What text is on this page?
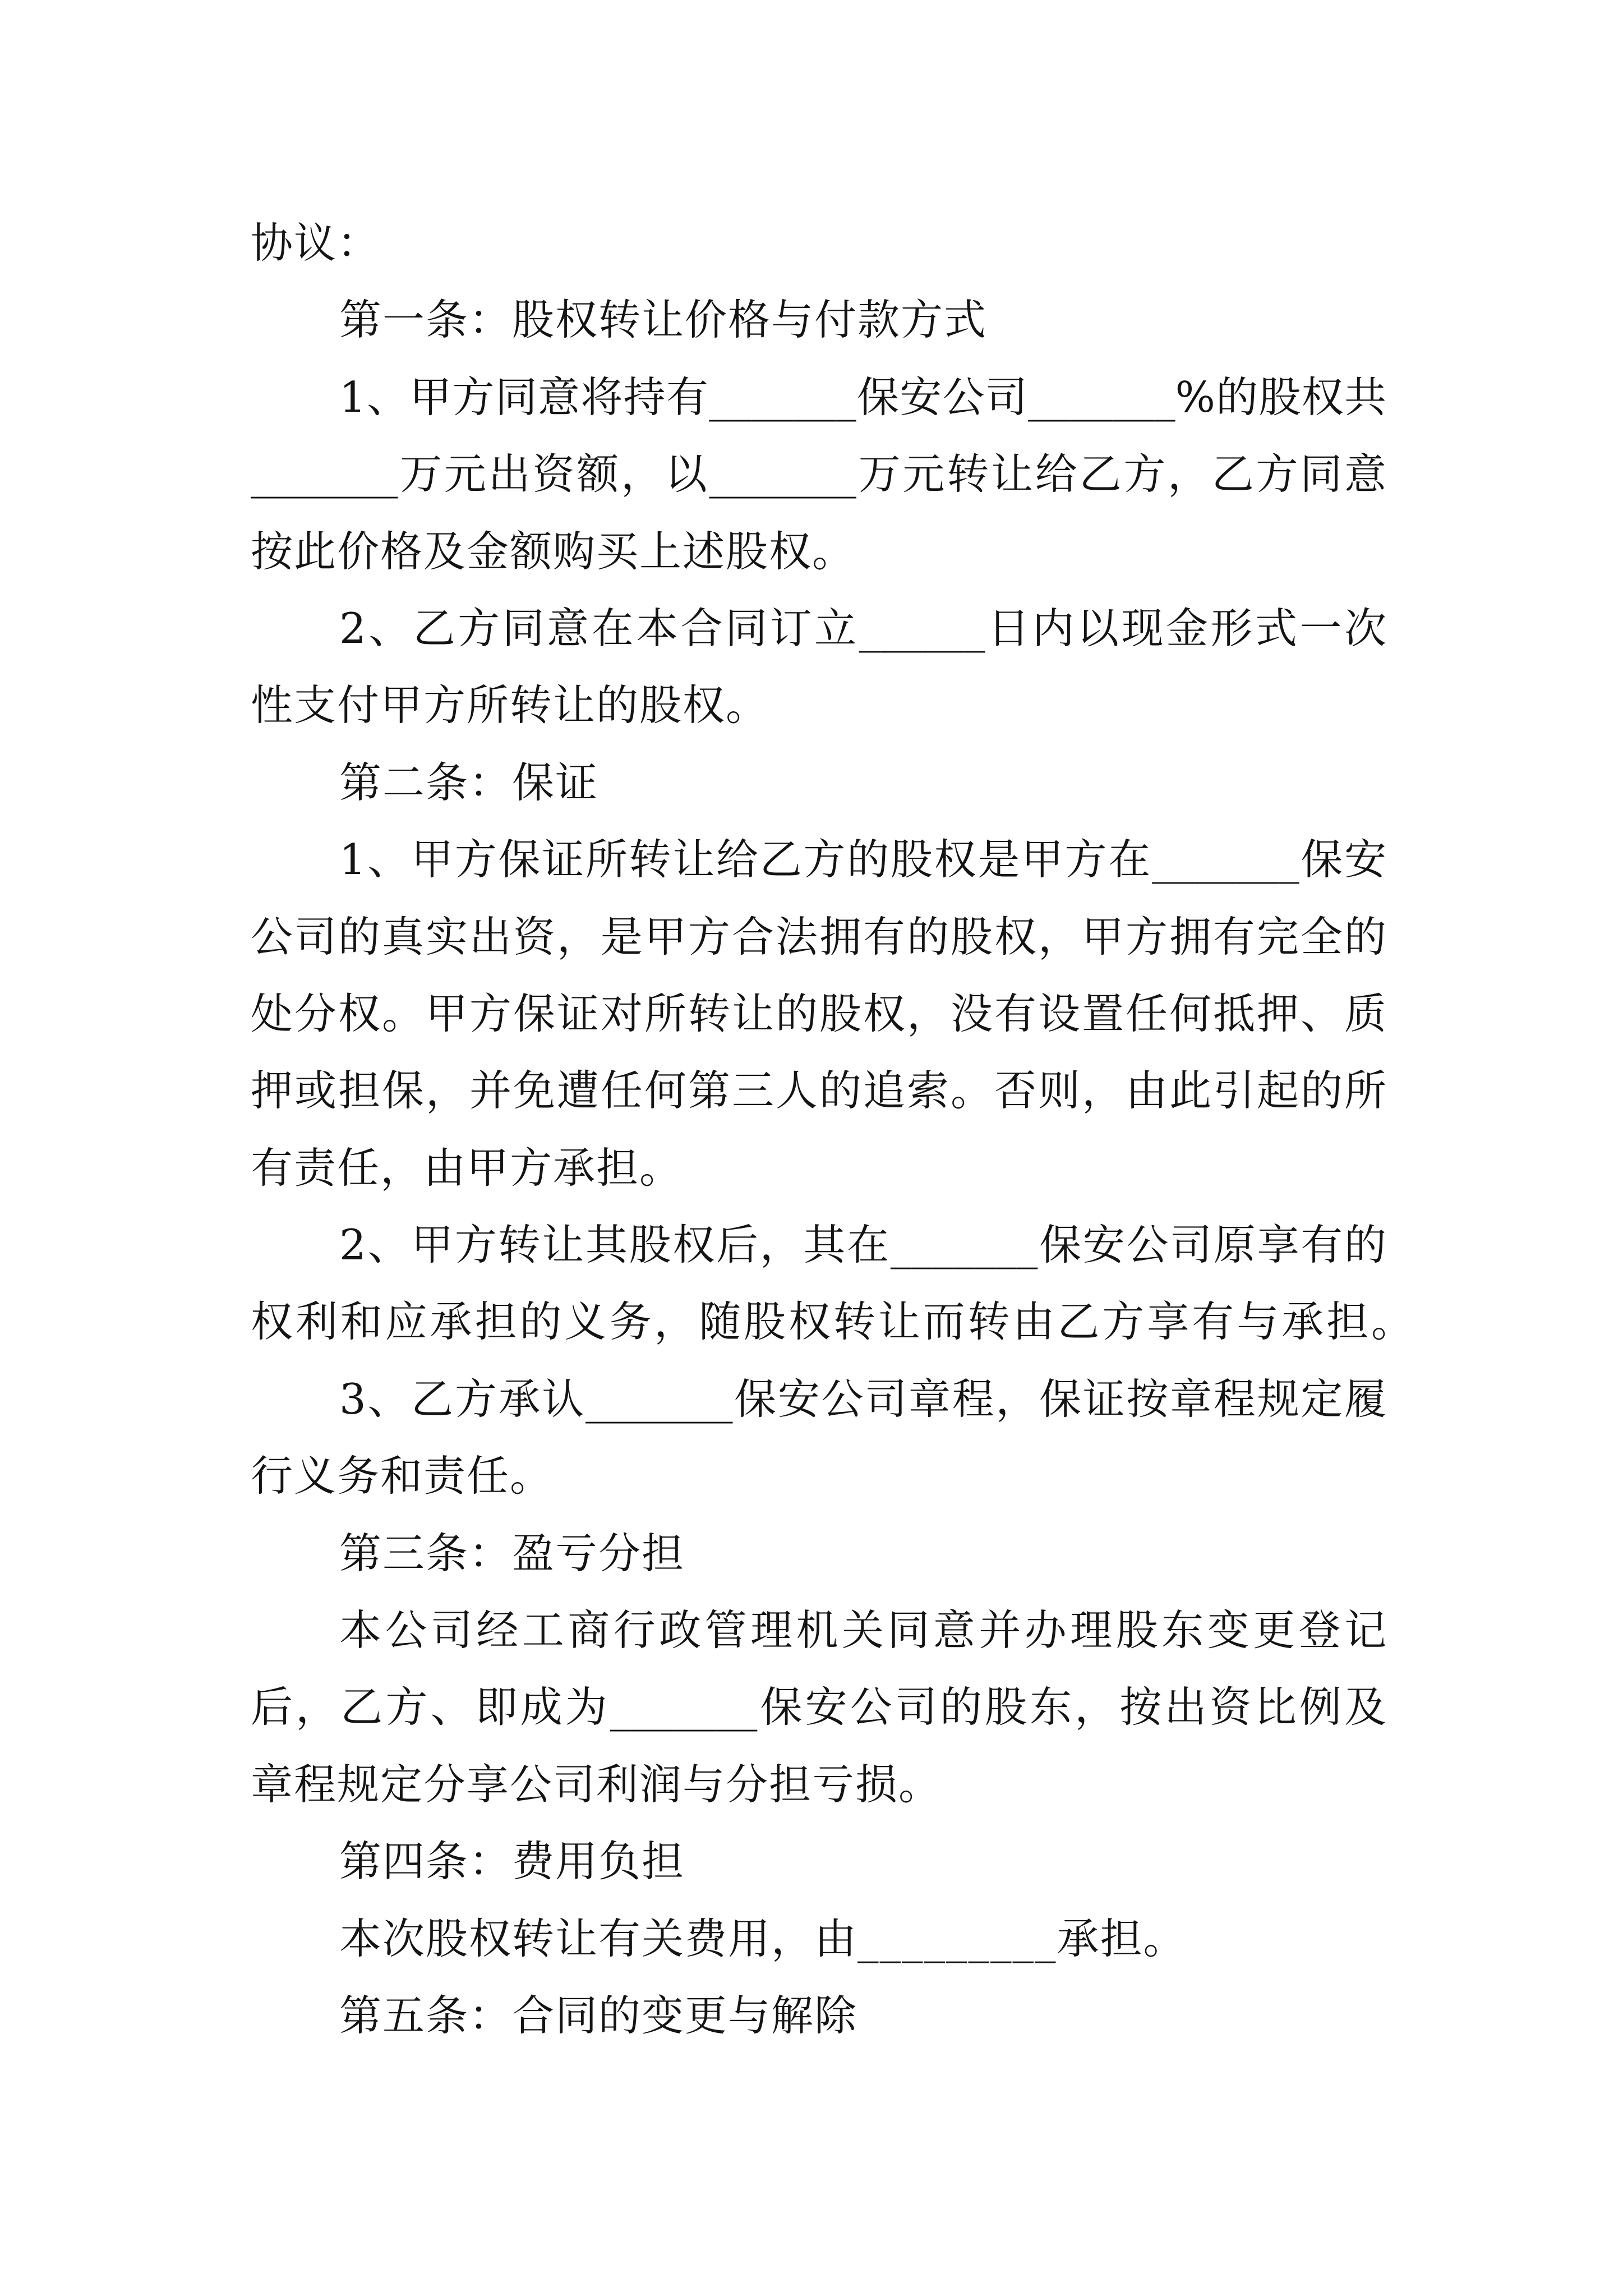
协议：
第一条：股权转让价格与付款方式
1、甲方同意将持有_______保安公司_______%的股权共
_______万元出资额，以_______万元转让给乙方，乙方同意
按此价格及金额购买上述股权。
2、乙方同意在本合同订立______日内以现金形式一次
性支付甲方所转让的股权。
第二条：保证
1、甲方保证所转让给乙方的股权是甲方在_______保安
公司的真实出资，是甲方合法拥有的股权，甲方拥有完全的
处分权。甲方保证对所转让的股权，没有设置任何抵押、质
押或担保，并免遭任何第三人的追索。否则，由此引起的所
有责任，由甲方承担。
2、甲方转让其股权后，其在_______保安公司原享有的
权利和应承担的义务，随股权转让而转由乙方享有与承担。
3、乙方承认_______保安公司章程，保证按章程规定履
行义务和责任。
第三条：盈亏分担
本公司经工商行政管理机关同意并办理股东变更登记
后，乙方、即成为_______保安公司的股东，按出资比例及
章程规定分享公司利润与分担亏损。
第四条：费用负担
本次股权转让有关费用，由_________承担。
第五条：合同的变更与解除
